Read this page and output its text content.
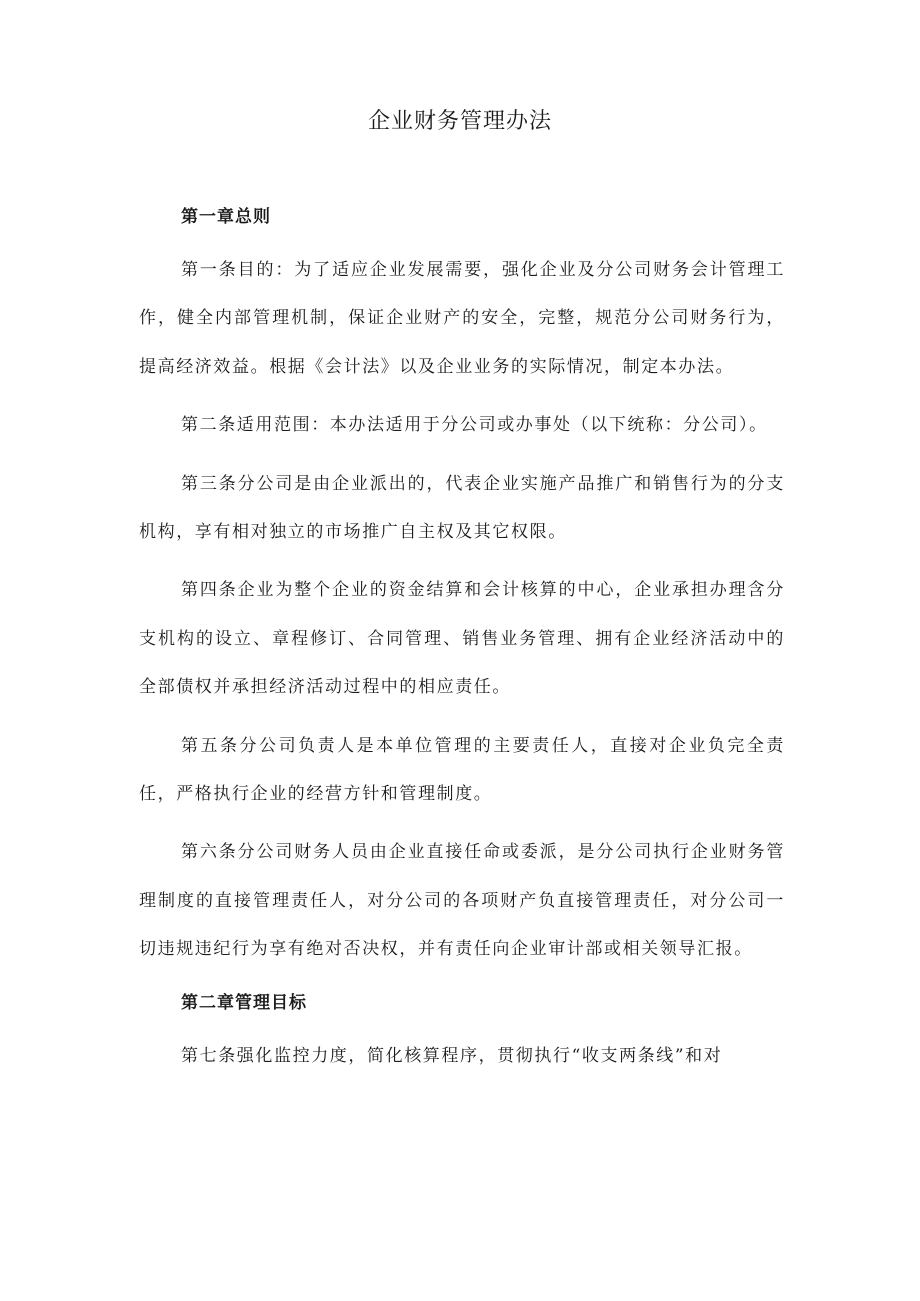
企业财务管理办法

第一章总则

第一条目的：为了适应企业发展需要，强化企业及分公司财务会计管理工作，健全内部管理机制，保证企业财产的安全，完整，规范分公司财务行为，提高经济效益。根据《会计法》以及企业业务的实际情况，制定本办法。

第二条适用范围：本办法适用于分公司或办事处（以下统称：分公司）。

第三条分公司是由企业派出的，代表企业实施产品推广和销售行为的分支机构，享有相对独立的市场推广自主权及其它权限。

第四条企业为整个企业的资金结算和会计核算的中心，企业承担办理含分支机构的设立、章程修订、合同管理、销售业务管理、拥有企业经济活动中的全部债权并承担经济活动过程中的相应责任。

第五条分公司负责人是本单位管理的主要责任人，直接对企业负完全责任，严格执行企业的经营方针和管理制度。

第六条分公司财务人员由企业直接任命或委派，是分公司执行企业财务管理制度的直接管理责任人，对分公司的各项财产负直接管理责任，对分公司一切违规违纪行为享有绝对否决权，并有责任向企业审计部或相关领导汇报。

第二章管理目标

第七条强化监控力度，简化核算程序，贯彻执行“收支两条线”和对
